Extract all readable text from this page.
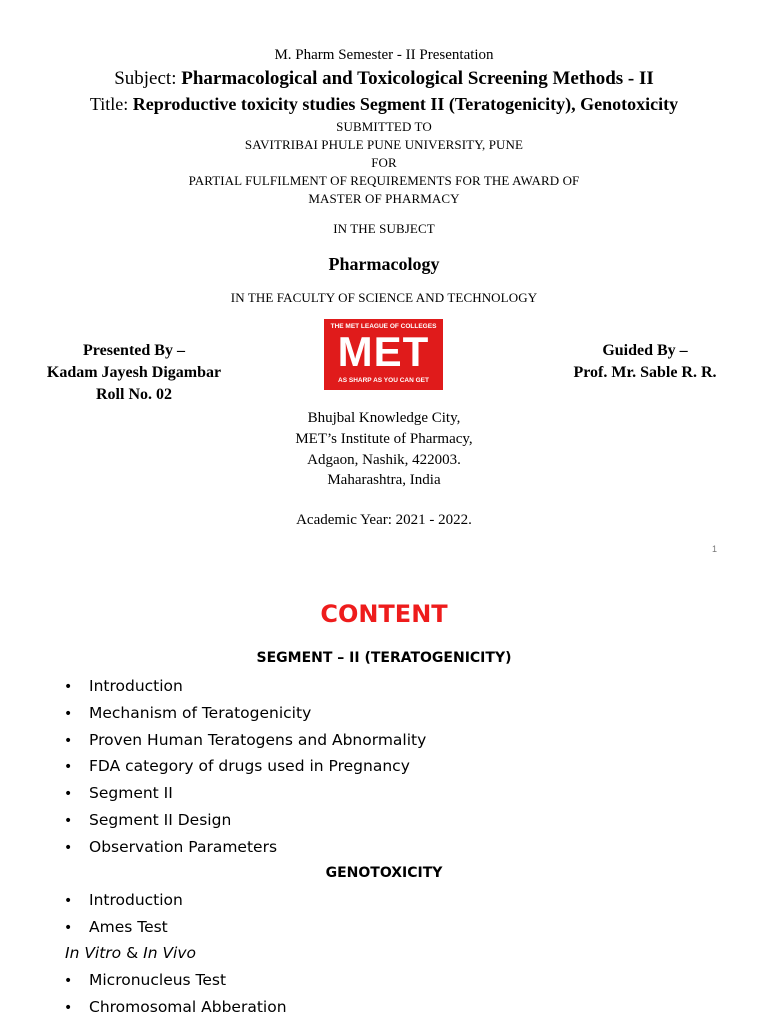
M. Pharm Semester - II Presentation
Subject: Pharmacological and Toxicological Screening Methods - II
Title: Reproductive toxicity studies Segment II (Teratogenicity), Genotoxicity
SUBMITTED TO
SAVITRIBAI PHULE PUNE UNIVERSITY, PUNE
FOR
PARTIAL FULFILMENT OF REQUIREMENTS FOR THE AWARD OF
MASTER OF PHARMACY
IN THE SUBJECT
Pharmacology
IN THE FACULTY OF SCIENCE AND TECHNOLOGY
Presented By –
Kadam Jayesh Digambar
Roll No. 02
THE MET LEAGUE OF COLLEGES
MET
AS SHARP AS YOU CAN GET
Guided By –
Prof. Mr. Sable R. R.
Bhujbal Knowledge City,
MET’s Institute of Pharmacy,
Adgaon, Nashik, 422003.
Maharashtra, India
Academic Year: 2021 - 2022.
1
CONTENT
SEGMENT – II (TERATOGENICITY)
• Introduction
• Mechanism of Teratogenicity
• Proven Human Teratogens and Abnormality
• FDA category of drugs used in Pregnancy
• Segment II
• Segment II Design
• Observation Parameters
GENOTOXICITY
• Introduction
• Ames Test
In Vitro & In Vivo
• Micronucleus Test
• Chromosomal Abberation
